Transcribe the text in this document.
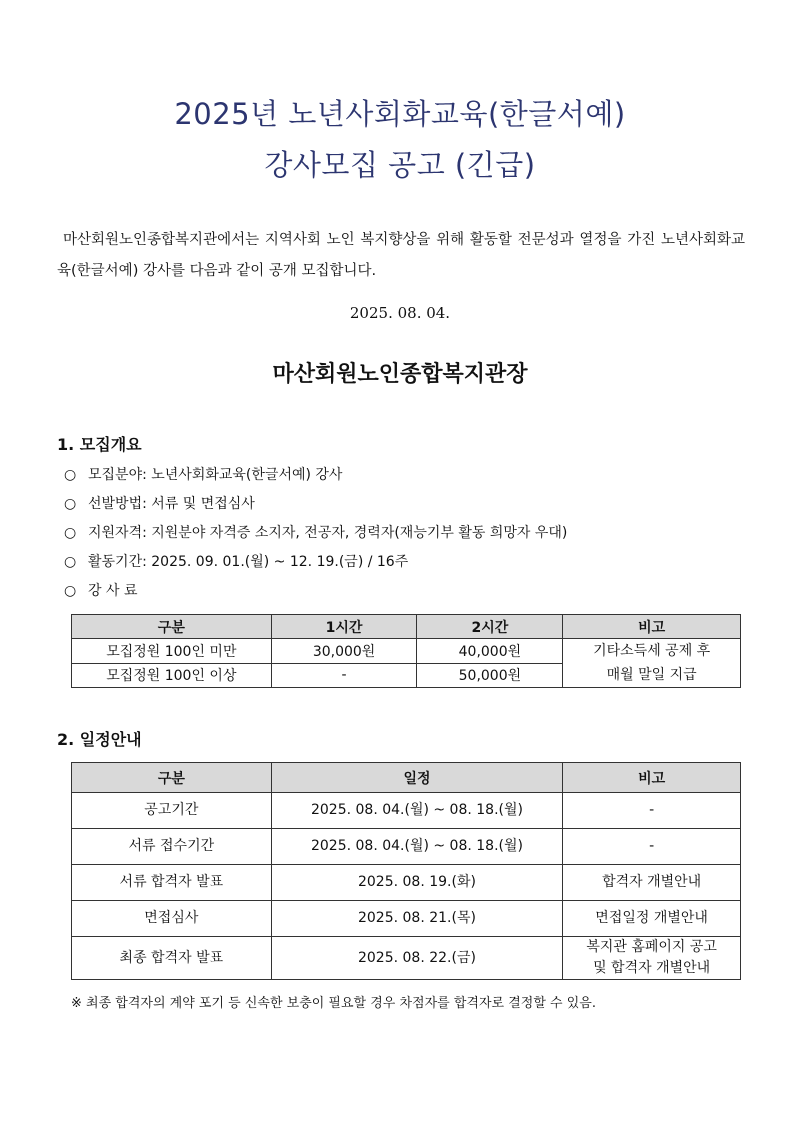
2025년 노년사회화교육(한글서예)
강사모집 공고 (긴급)
마산회원노인종합복지관에서는 지역사회 노인 복지향상을 위해 활동할 전문성과 열정을 가진 노년사회화교육(한글서예) 강사를 다음과 같이 공개 모집합니다.
2025. 08. 04.
마산회원노인종합복지관장
1. 모집개요
○ 모집분야: 노년사회화교육(한글서예) 강사
○ 선발방법: 서류 및 면접심사
○ 지원자격: 지원분야 자격증 소지자, 전공자, 경력자(재능기부 활동 희망자 우대)
○ 활동기간: 2025. 09. 01.(월) ~ 12. 19.(금) / 16주
○ 강 사 료
구분	1시간	2시간	비고
모집정원 100인 미만	30,000원	40,000원	기타소득세 공제 후
매월 말일 지급

모집정원 100인 이상	-	50,000원	
2. 일정안내
구분	일정	비고
공고기간	2025. 08. 04.(월) ~ 08. 18.(월)	-
서류 접수기간	2025. 08. 04.(월) ~ 08. 18.(월)	-
서류 합격자 발표	2025. 08. 19.(화)	합격자 개별안내
면접심사	2025. 08. 21.(목)	면접일정 개별안내
최종 합격자 발표	2025. 08. 22.(금)	복지관 홈페이지 공고
및 합격자 개별안내
※ 최종 합격자의 계약 포기 등 신속한 보충이 필요할 경우 차점자를 합격자로 결정할 수 있음.
